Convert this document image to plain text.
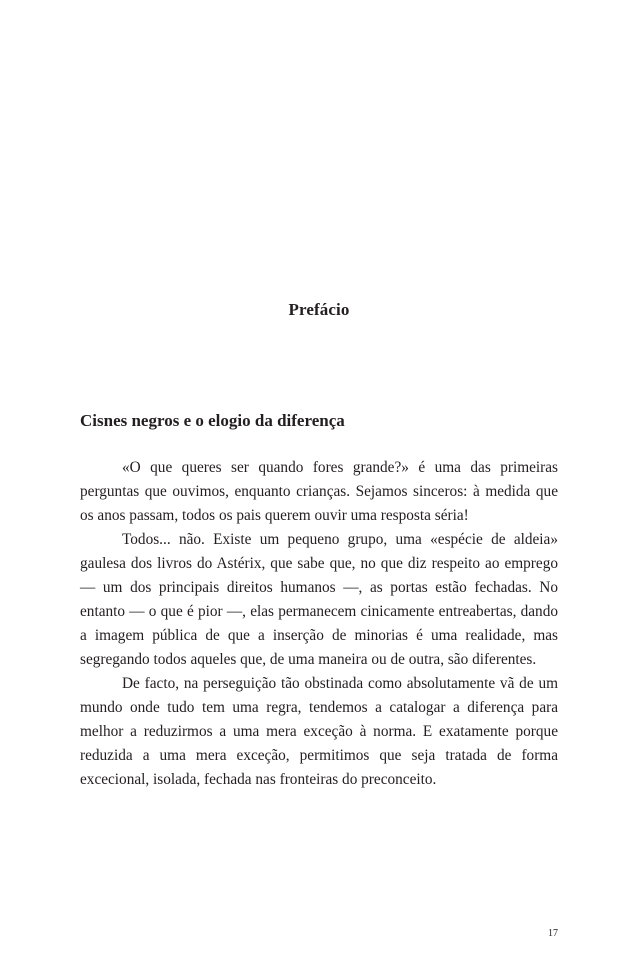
Prefácio
Cisnes negros e o elogio da diferença

«O que queres ser quando fores grande?» é uma das primeiras perguntas que ouvimos, enquanto crianças. Sejamos sinceros: à medida que os anos passam, todos os pais querem ouvir uma resposta séria!

Todos... não. Existe um pequeno grupo, uma «espécie de aldeia» gaulesa dos livros do Astérix, que sabe que, no que diz respeito ao emprego — um dos principais direitos humanos —, as portas estão fechadas. No entanto — o que é pior —, elas permanecem cinicamente entreabertas, dando a imagem pública de que a inserção de minorias é uma realidade, mas segregando todos aqueles que, de uma maneira ou de outra, são diferentes.

De facto, na perseguição tão obstinada como absolutamente vã de um mundo onde tudo tem uma regra, tendemos a catalogar a diferença para melhor a reduzirmos a uma mera exceção à norma. E exatamente porque reduzida a uma mera exceção, permitimos que seja tratada de forma excecional, isolada, fechada nas fronteiras do preconceito.

17
